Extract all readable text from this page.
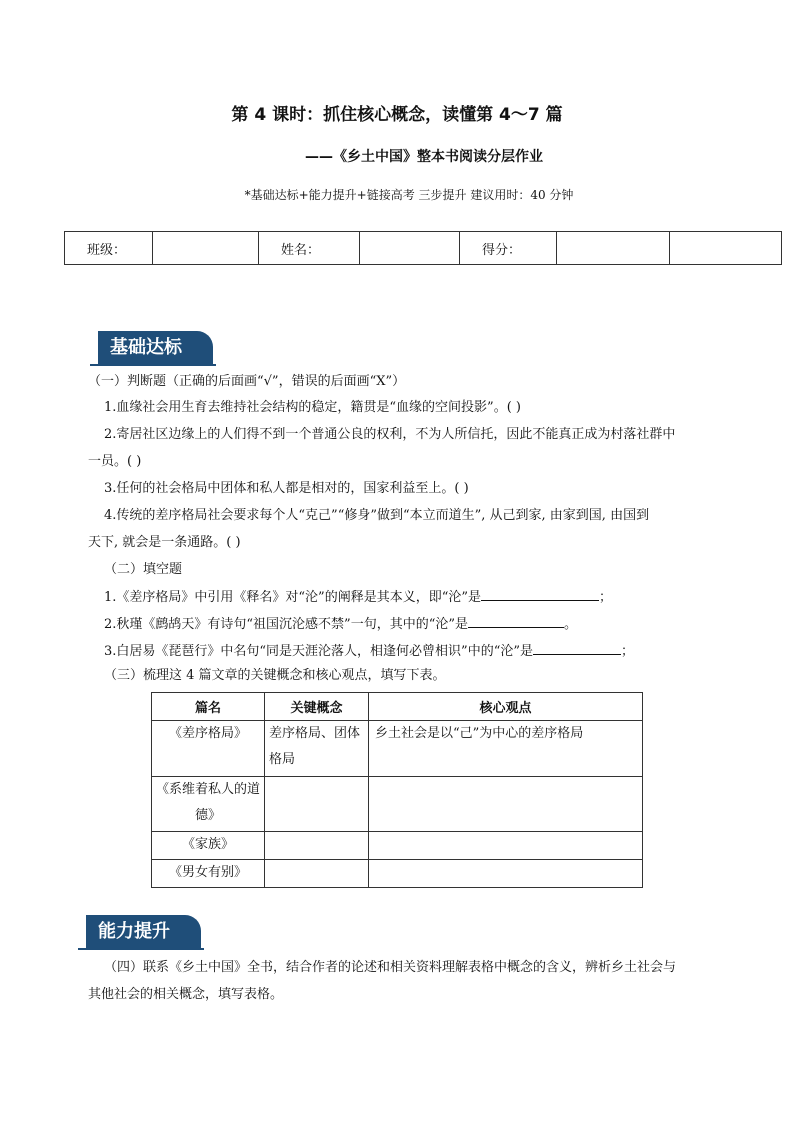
第 4 课时：抓住核心概念，读懂第 4～7 篇
——《乡土中国》整本书阅读分层作业
*基础达标+能力提升+链接高考 三步提升 建议用时：40 分钟
班级：		姓名：		得分：		
基础达标
（一）判断题（正确的后面画“√”，错误的后面画“X”）
1.血缘社会用生育去维持社会结构的稳定，籍贯是“血缘的空间投影”。( )
2.寄居社区边缘上的人们得不到一个普通公良的权利，不为人所信托，因此不能真正成为村落社群中
一员。( )
3.任何的社会格局中团体和私人都是相对的，国家利益至上。( )
4.传统的差序格局社会要求每个人“克己”“修身”做到“本立而道生”, 从己到家, 由家到国, 由国到
天下, 就会是一条通路。( )
（二）填空题
1.《差序格局》中引用《释名》对“沦”的阐释是其本义，即“沦”是	；
2.秋瑾《鹧鸪天》有诗句“祖国沉沦感不禁”一句，其中的“沦”是	。
3.白居易《琵琶行》中名句“同是天涯沦落人，相逢何必曾相识”中的“沦”是	；
（三）梳理这 4 篇文章的关键概念和核心观点，填写下表。
篇名	关键概念	核心观点
《差序格局》	差序格局、团体格局	乡土社会是以“己”为中心的差序格局
《系维着私人的道德》		
《家族》		
《男女有别》		
能力提升
（四）联系《乡土中国》全书，结合作者的论述和相关资料理解表格中概念的含义，辨析乡土社会与
其他社会的相关概念，填写表格。
